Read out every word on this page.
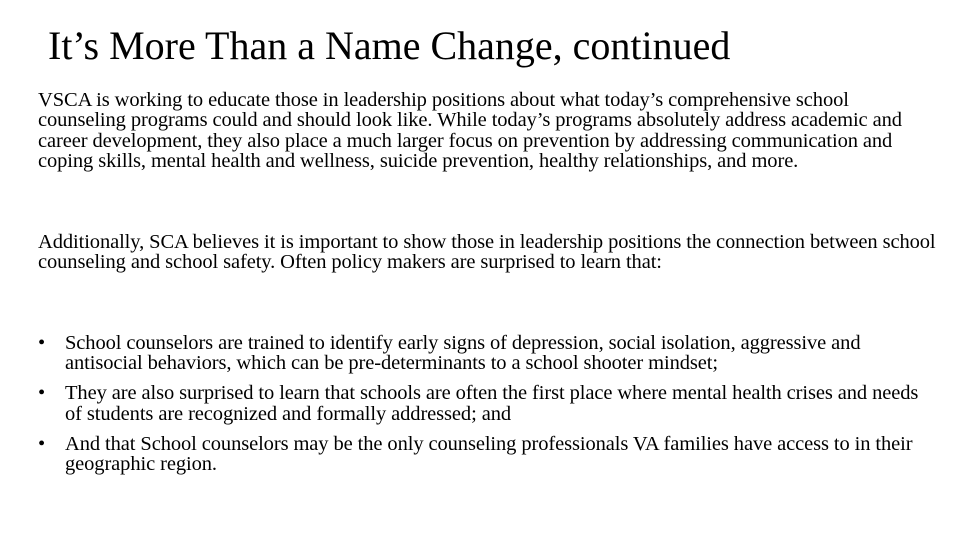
It’s More Than a Name Change, continued

VSCA is working to educate those in leadership positions about what today’s comprehensive school counseling programs could and should look like. While today’s programs absolutely address academic and career development, they also place a much larger focus on prevention by addressing communication and coping skills, mental health and wellness, suicide prevention, healthy relationships, and more.

Additionally, SCA believes it is important to show those in leadership positions the connection between school counseling and school safety. Often policy makers are surprised to learn that:

• School counselors are trained to identify early signs of depression, social isolation, aggressive and antisocial behaviors, which can be pre-determinants to a school shooter mindset;
• They are also surprised to learn that schools are often the first place where mental health crises and needs of students are recognized and formally addressed; and
• And that School counselors may be the only counseling professionals VA families have access to in their geographic region.
